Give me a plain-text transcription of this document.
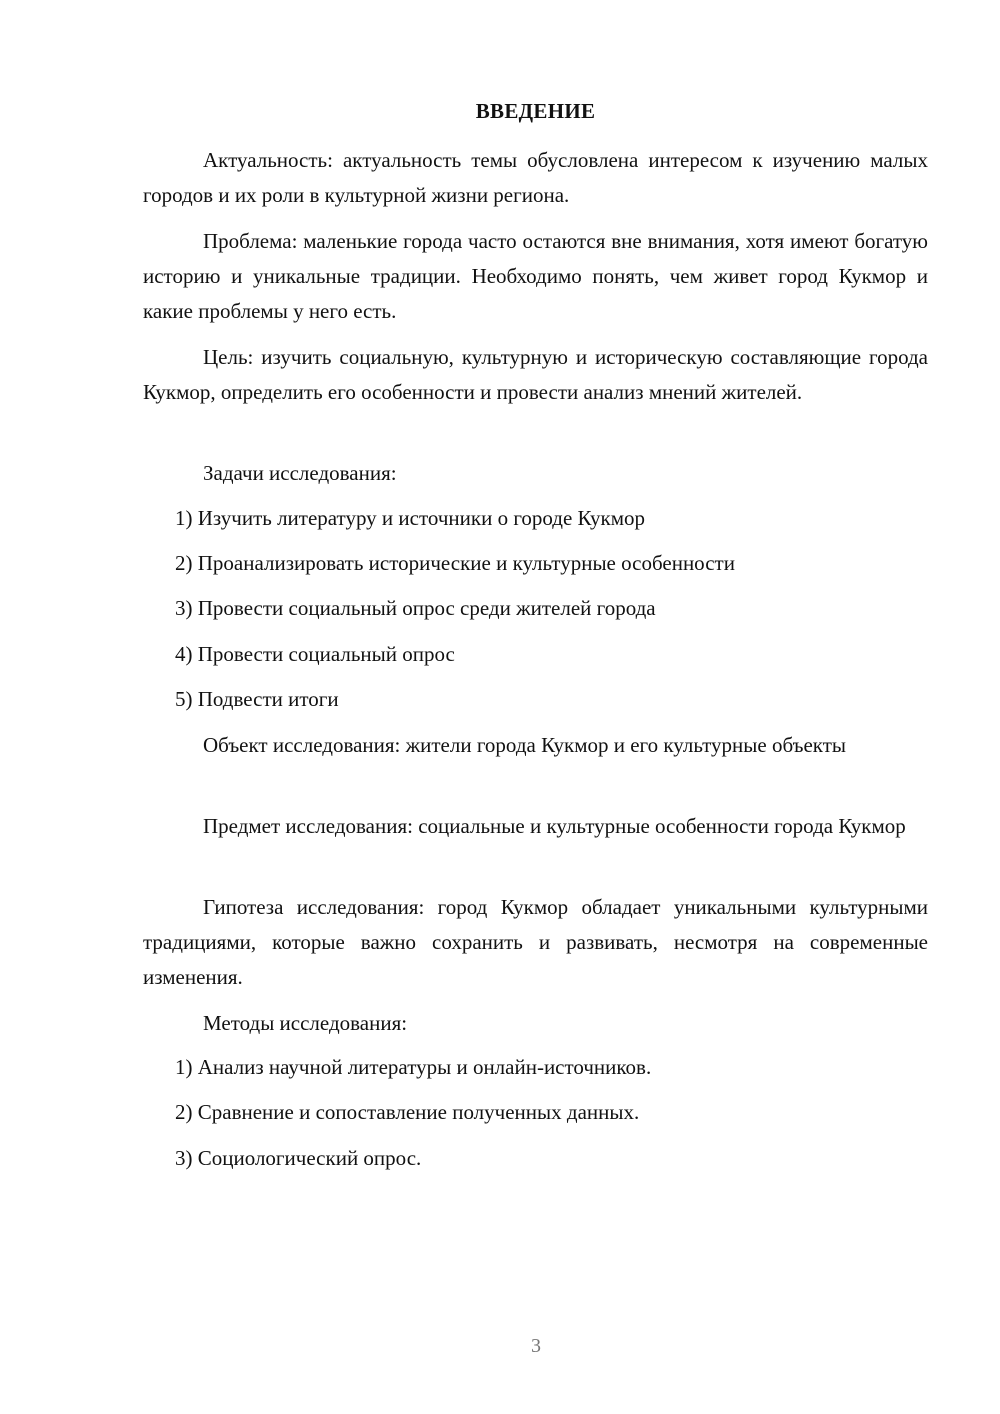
ВВЕДЕНИЕ

Актуальность: актуальность темы обусловлена интересом к изучению малых городов и их роли в культурной жизни региона.

Проблема: маленькие города часто остаются вне внимания, хотя имеют богатую историю и уникальные традиции. Необходимо понять, чем живет город Кукмор и какие проблемы у него есть.

Цель: изучить социальную, культурную и историческую составляющие города Кукмор, определить его особенности и провести анализ мнений жителей.

Задачи исследования:

1) Изучить литературу и источники о городе Кукмор
2) Проанализировать исторические и культурные особенности
3) Провести социальный опрос среди жителей города
4) Провести социальный опрос
5) Подвести итоги

Объект исследования: жители города Кукмор и его культурные объекты

Предмет исследования: социальные и культурные особенности города Кукмор

Гипотеза исследования: город Кукмор обладает уникальными культурными традициями, которые важно сохранить и развивать, несмотря на современные изменения.

Методы исследования:

1) Анализ научной литературы и онлайн-источников.
2) Сравнение и сопоставление полученных данных.
3) Социологический опрос.
3
